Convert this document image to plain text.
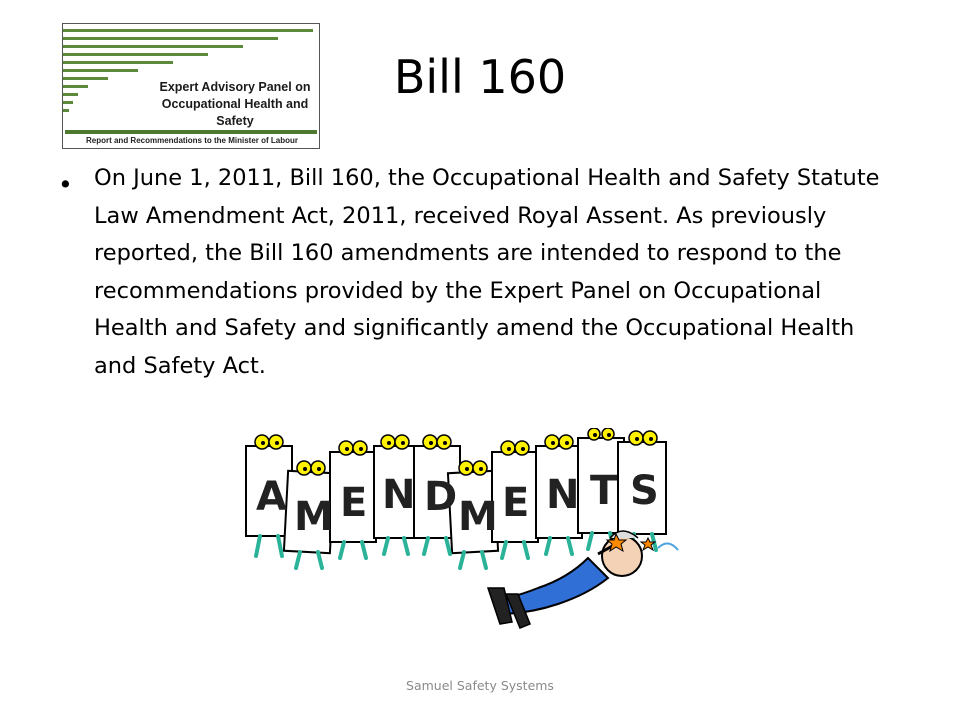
Expert Advisory Panel on
Occupational Health and Safety
Report and Recommendations to the Minister of Labour
Bill 160
• On June 1, 2011, Bill 160, the Occupational Health and Safety Statute Law Amendment Act, 2011, received Royal Assent. As previously reported, the Bill 160 amendments are intended to respond to the recommendations provided by the Expert Panel on Occupational Health and Safety and significantly amend the Occupational Health and Safety Act.
A M E N D M E N T S
Samuel Safety Systems
